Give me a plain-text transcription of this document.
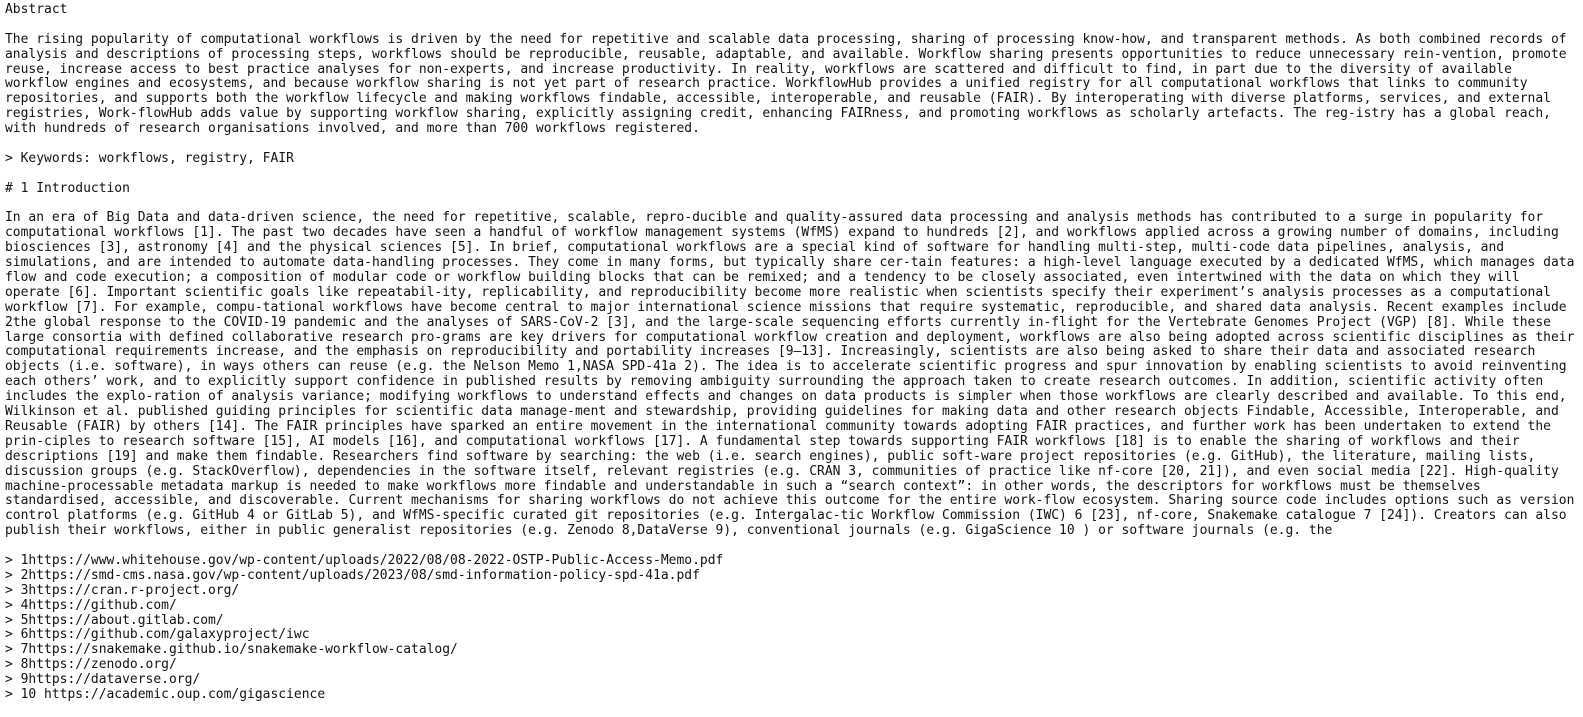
Abstract
The rising popularity of computational workflows is driven by the need for repetitive and scalable data processing, sharing of processing know-how, and transparent methods. As both combined records of
analysis and descriptions of processing steps, workflows should be reproducible, reusable, adaptable, and available. Workflow sharing presents opportunities to reduce unnecessary rein-vention, promote
reuse, increase access to best practice analyses for non-experts, and increase productivity. In reality, workflows are scattered and difficult to find, in part due to the diversity of available
workflow engines and ecosystems, and because workflow sharing is not yet part of research practice. WorkflowHub provides a unified registry for all computational workflows that links to community
repositories, and supports both the workflow lifecycle and making workflows findable, accessible, interoperable, and reusable (FAIR). By interoperating with diverse platforms, services, and external
registries, Work-flowHub adds value by supporting workflow sharing, explicitly assigning credit, enhancing FAIRness, and promoting workflows as scholarly artefacts. The reg-istry has a global reach,
with hundreds of research organisations involved, and more than 700 workflows registered.
> Keywords: workflows, registry, FAIR
# 1 Introduction
In an era of Big Data and data-driven science, the need for repetitive, scalable, repro-ducible and quality-assured data processing and analysis methods has contributed to a surge in popularity for
computational workflows [1]. The past two decades have seen a handful of workflow management systems (WfMS) expand to hundreds [2], and workflows applied across a growing number of domains, including
biosciences [3], astronomy [4] and the physical sciences [5]. In brief, computational workflows are a special kind of software for handling multi-step, multi-code data pipelines, analysis, and
simulations, and are intended to automate data-handling processes. They come in many forms, but typically share cer-tain features: a high-level language executed by a dedicated WfMS, which manages data
flow and code execution; a composition of modular code or workflow building blocks that can be remixed; and a tendency to be closely associated, even intertwined with the data on which they will
operate [6]. Important scientific goals like repeatabil-ity, replicability, and reproducibility become more realistic when scientists specify their experiment’s analysis processes as a computational
workflow [7]. For example, compu-tational workflows have become central to major international science missions that require systematic, reproducible, and shared data analysis. Recent examples include
2the global response to the COVID-19 pandemic and the analyses of SARS-CoV-2 [3], and the large-scale sequencing efforts currently in-flight for the Vertebrate Genomes Project (VGP) [8]. While these
large consortia with defined collaborative research pro-grams are key drivers for computational workflow creation and deployment, workflows are also being adopted across scientific disciplines as their
computational requirements increase, and the emphasis on reproducibility and portability increases [9–13]. Increasingly, scientists are also being asked to share their data and associated research
objects (i.e. software), in ways others can reuse (e.g. the Nelson Memo 1,NASA SPD-41a 2). The idea is to accelerate scientific progress and spur innovation by enabling scientists to avoid reinventing
each others’ work, and to explicitly support confidence in published results by removing ambiguity surrounding the approach taken to create research outcomes. In addition, scientific activity often
includes the explo-ration of analysis variance; modifying workflows to understand effects and changes on data products is simpler when those workflows are clearly described and available. To this end,
Wilkinson et al. published guiding principles for scientific data manage-ment and stewardship, providing guidelines for making data and other research objects Findable, Accessible, Interoperable, and
Reusable (FAIR) by others [14]. The FAIR principles have sparked an entire movement in the international community towards adopting FAIR practices, and further work has been undertaken to extend the
prin-ciples to research software [15], AI models [16], and computational workflows [17]. A fundamental step towards supporting FAIR workflows [18] is to enable the sharing of workflows and their
descriptions [19] and make them findable. Researchers find software by searching: the web (i.e. search engines), public soft-ware project repositories (e.g. GitHub), the literature, mailing lists,
discussion groups (e.g. StackOverflow), dependencies in the software itself, relevant registries (e.g. CRAN 3, communities of practice like nf-core [20, 21]), and even social media [22]. High-quality
machine-processable metadata markup is needed to make workflows more findable and understandable in such a “search context”: in other words, the descriptors for workflows must be themselves
standardised, accessible, and discoverable. Current mechanisms for sharing workflows do not achieve this outcome for the entire work-flow ecosystem. Sharing source code includes options such as version
control platforms (e.g. GitHub 4 or GitLab 5), and WfMS-specific curated git repositories (e.g. Intergalac-tic Workflow Commission (IWC) 6 [23], nf-core, Snakemake catalogue 7 [24]). Creators can also
publish their workflows, either in public generalist repositories (e.g. Zenodo 8,DataVerse 9), conventional journals (e.g. GigaScience 10 ) or software journals (e.g. the
> 1https://www.whitehouse.gov/wp-content/uploads/2022/08/08-2022-OSTP-Public-Access-Memo.pdf
> 2https://smd-cms.nasa.gov/wp-content/uploads/2023/08/smd-information-policy-spd-41a.pdf
> 3https://cran.r-project.org/
> 4https://github.com/
> 5https://about.gitlab.com/
> 6https://github.com/galaxyproject/iwc
> 7https://snakemake.github.io/snakemake-workflow-catalog/
> 8https://zenodo.org/
> 9https://dataverse.org/
> 10 https://academic.oup.com/gigascience
